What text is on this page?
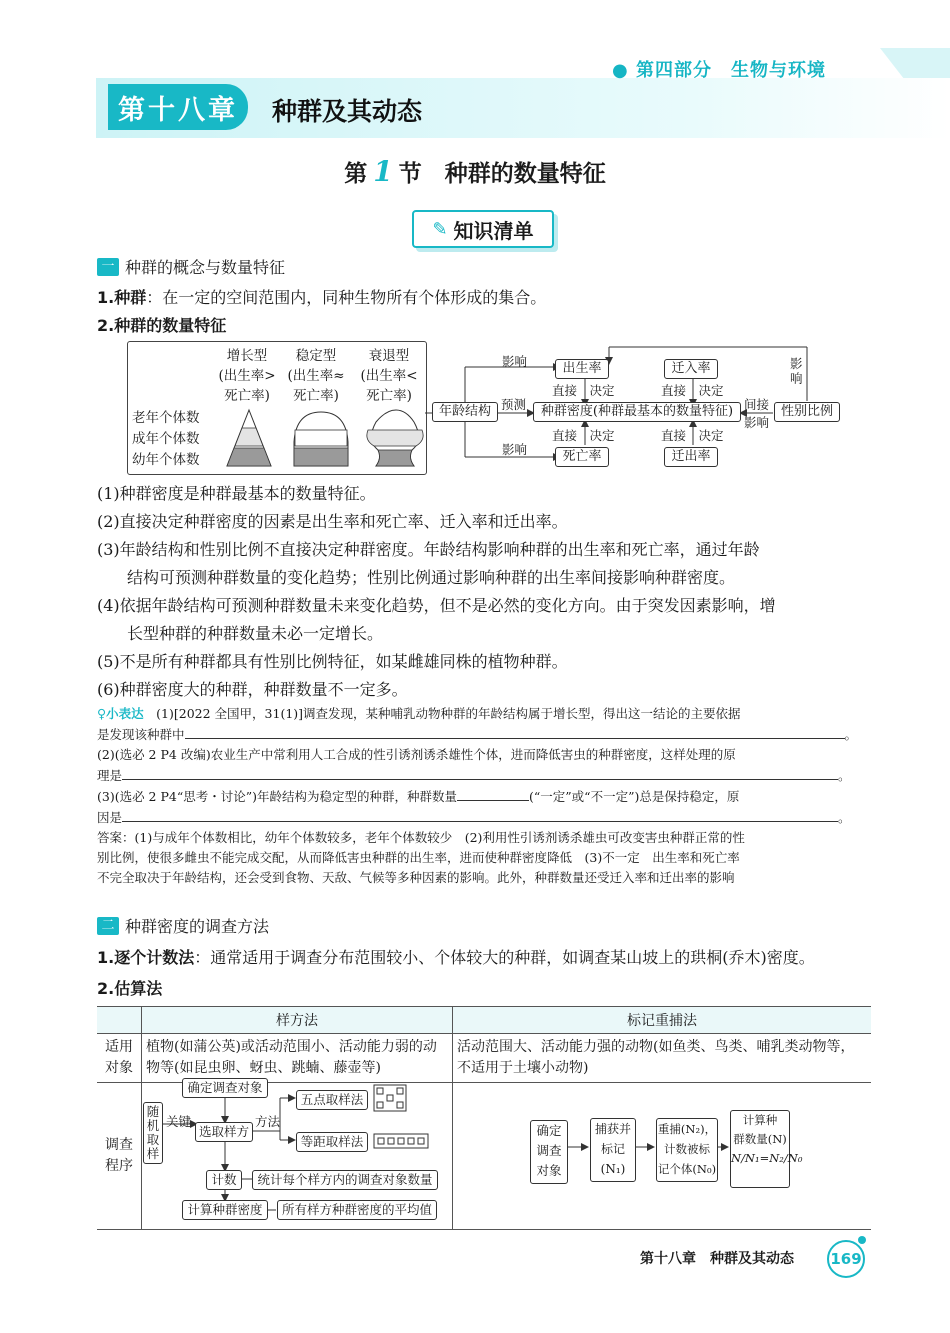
● 第四部分　生物与环境
第十八章	种群及其动态
第 1 节　 种群的数量特征
✎ 知识清单
一 种群的概念与数量特征
1.种群：在一定的空间范围内，同种生物所有个体形成的集合。
2.种群的数量特征
增长型
(出生率>
死亡率)
稳定型
(出生率≈
死亡率)
衰退型
(出生率<
死亡率)
老年个体数
成年个体数
幼年个体数
年龄结构	种群密度(种群最基本的数量特征)
出生率
死亡率
迁入率
迁出率
性别比例
影响
影响
预测
直接　 决定
直接　 决定
直接　 决定
直接　 决定
间接
影响
影
响
(1)种群密度是种群最基本的数量特征。
(2)直接决定种群密度的因素是出生率和死亡率、迁入率和迁出率。
(3)年龄结构和性别比例不直接决定种群密度。年龄结构影响种群的出生率和死亡率，通过年龄
结构可预测种群数量的变化趋势；性别比例通过影响种群的出生率间接影响种群密度。
(4)依据年龄结构可预测种群数量未来变化趋势，但不是必然的变化方向。由于突发因素影响，增
长型种群的种群数量未必一定增长。
(5)不是所有种群都具有性别比例特征，如某雌雄同株的植物种群。
(6)种群密度大的种群，种群数量不一定多。
♀小表达　 (1)[2022 全国甲，31(1)]调查发现，某种哺乳动物种群的年龄结构属于增长型，得出这一结论的主要依据
是发现该种群中	。
(2)(选必 2 P4 改编)农业生产中常利用人工合成的性引诱剂诱杀雄性个体，进而降低害虫的种群密度，这样处理的原
理是	。
(3)(选必 2 P4“思考・讨论”)年龄结构为稳定型的种群，种群数量	(“一定”或“不一定”)总是保持稳定，原
因是	。
答案：(1)与成年个体数相比，幼年个体数较多，老年个体数较少　(2)利用性引诱剂诱杀雄虫可改变害虫种群正常的性
别比例，使很多雌虫不能完成交配，从而降低害虫种群的出生率，进而使种群密度降低　(3)不一定　出生率和死亡率
不完全取决于年龄结构，还会受到食物、天敌、气候等多种因素的影响。此外，种群数量还受迁入率和迁出率的影响
二 种群密度的调查方法
1.逐个计数法：通常适用于调查分布范围较小、个体较大的种群，如调查某山坡上的珙桐(乔木)密度。
2.估算法
	样方法	标记重捕法
适用对象	植物(如蒲公英)或活动范围小、活动能力弱的动物等(如昆虫卵、蚜虫、跳蝻、藤壶等)	活动范围大、活动能力强的动物(如鱼类、鸟类、哺乳类动物等，不适用于土壤小动物)
调查程序		
确定调查对象
随机取样
关键
选取样方
方法
五点取样法
等距取样法
计数	统计每个样方内的调查对象数量
计算种群密度	所有样方种群密度的平均值
确定调查对象
捕获并
标记
(N₁)
重捕(N₂)，
计数被标
记个体(N₀)
计算种
群数量(N)
N/N₁=N₂/N₀
第十八章　种群及其动态 169
